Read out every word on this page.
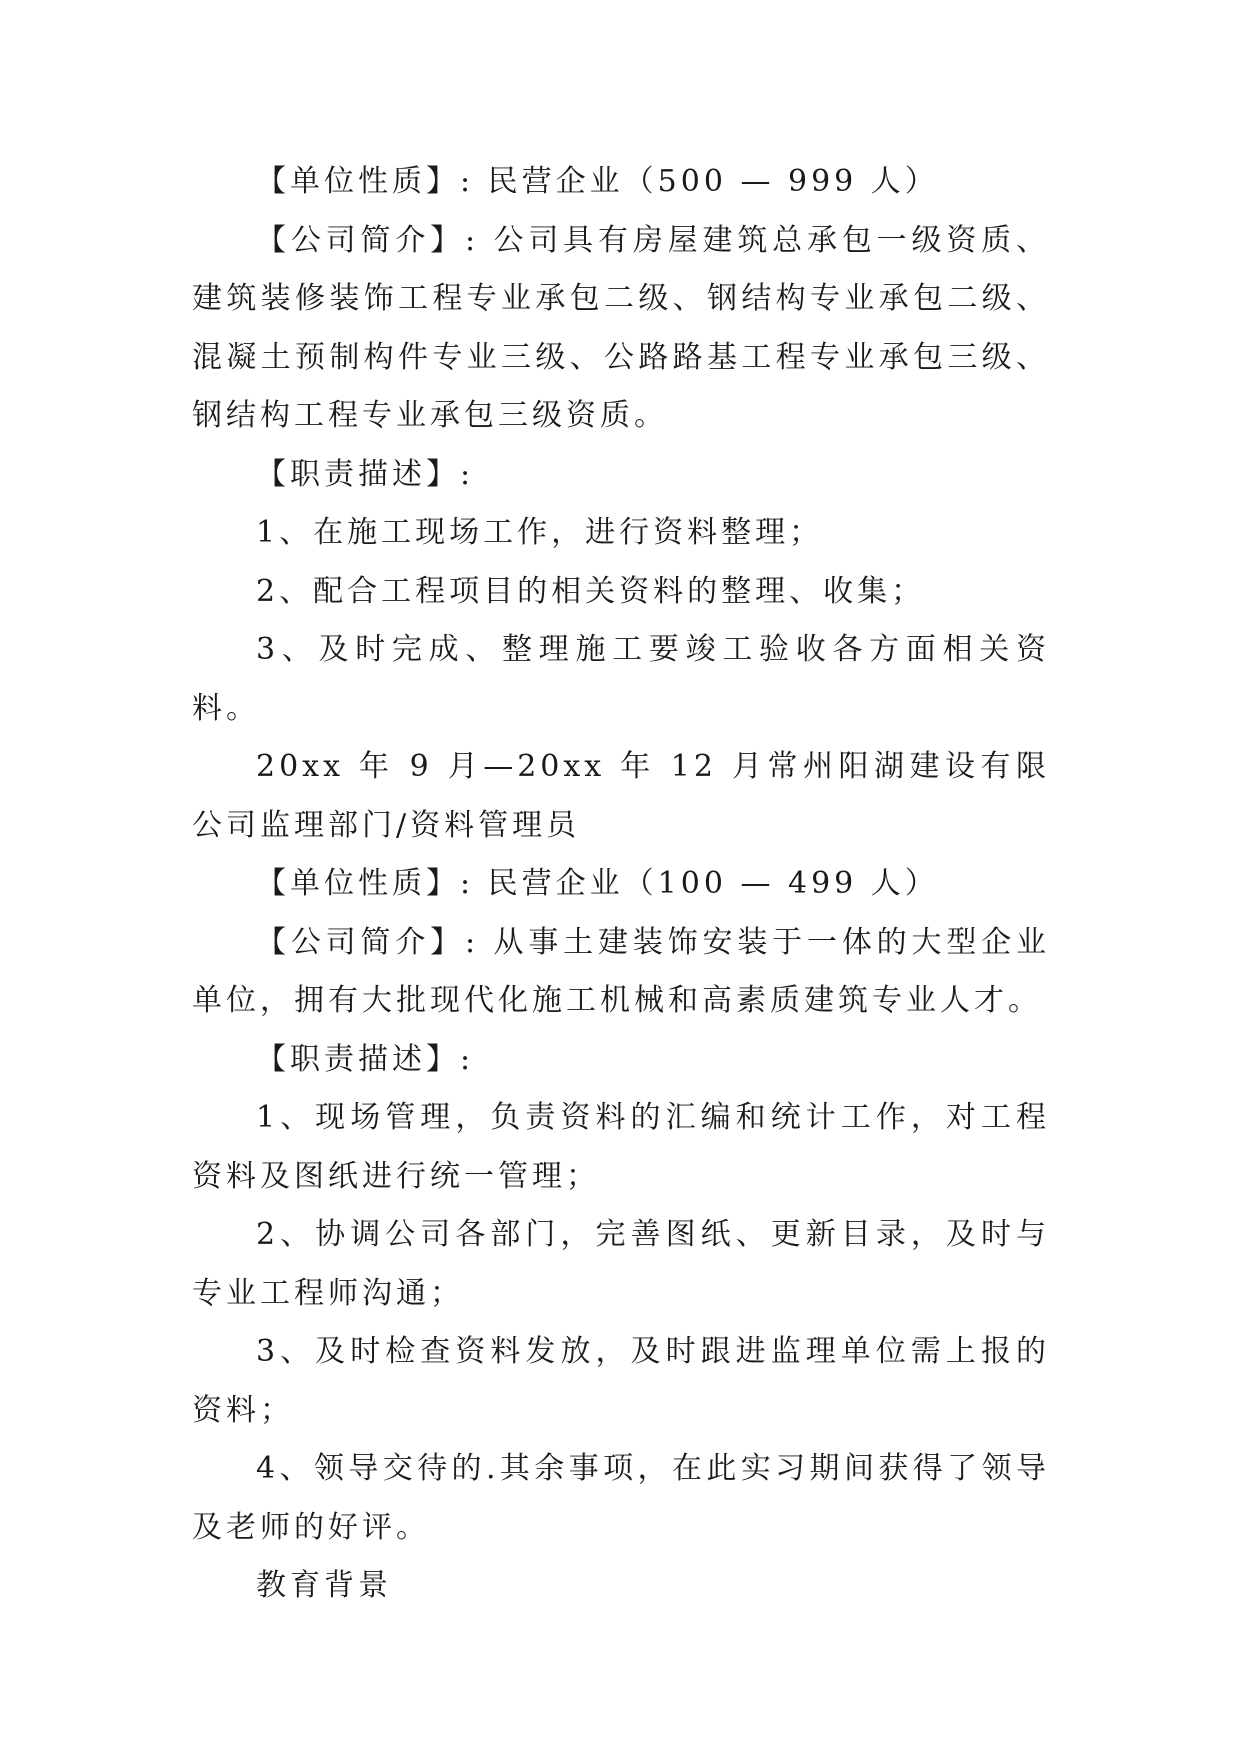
【单位性质】: 民营企业（500 — 999 人）

【公司简介】: 公司具有房屋建筑总承包一级资质、建筑装修装饰工程专业承包二级、钢结构专业承包二级、混凝土预制构件专业三级、公路路基工程专业承包三级、钢结构工程专业承包三级资质。

【职责描述】:

1、在施工现场工作，进行资料整理；

2、配合工程项目的相关资料的整理、收集；

3、及时完成、整理施工要竣工验收各方面相关资料。

20xx 年 9 月—20xx 年 12 月常州阳湖建设有限公司监理部门/资料管理员

【单位性质】: 民营企业（100 — 499 人）

【公司简介】: 从事土建装饰安装于一体的大型企业单位，拥有大批现代化施工机械和高素质建筑专业人才。

【职责描述】:

1、现场管理，负责资料的汇编和统计工作，对工程资料及图纸进行统一管理；

2、协调公司各部门，完善图纸、更新目录，及时与专业工程师沟通；

3、及时检查资料发放，及时跟进监理单位需上报的资料；

4、领导交待的.其余事项，在此实习期间获得了领导及老师的好评。

教育背景
